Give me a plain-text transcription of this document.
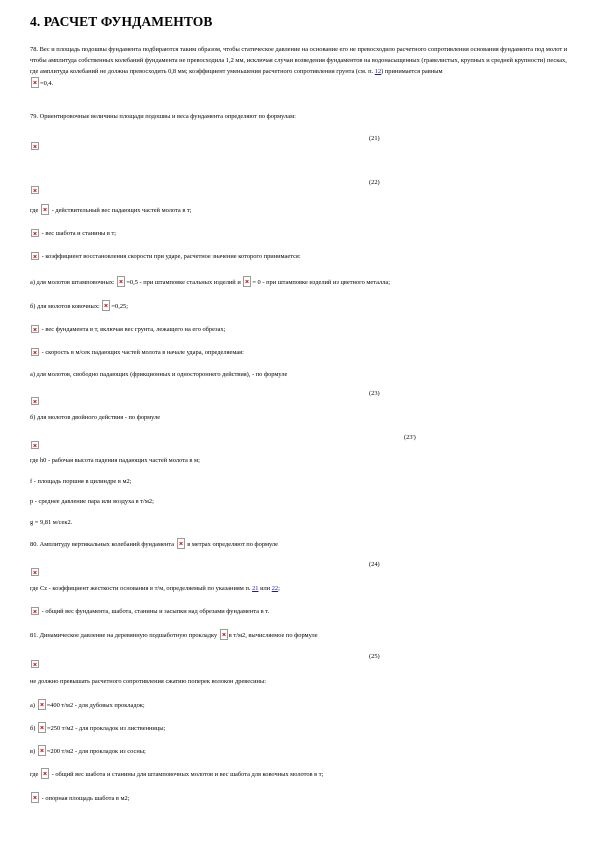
4. РАСЧЕТ ФУНДАМЕНТОВ

78. Вес и площадь подошвы фундамента подбираются таким образом, чтобы статическое давление на основание его не превосходило расчетного сопротивления основания фундамента под молот и чтобы амплитуда собственных колебаний фундамента не превосходила 1,2 мм, исключая случаи возведения фундаментов на водонасыщенных (гравелистых, крупных и средней крупности) песках, где амплитуда колебаний не должна превосходить 0,8 мм; коэффициент уменьшения расчетного сопротивления грунта (см. п. 12) принимается равным
=0,4.

79. Ориентировочные величины площади подошвы и веса фундамента определяют по формулам:

(21)
(22)

где - действительный вес падающих частей молота в т;

- вес шабота и станины в т;

- коэффициент восстановления скорости при ударе, расчетное значение которого принимается:

а) для молотов штамповочных: =0,5 - при штамповке стальных изделий и = 0 - при штамповке изделий из цветного металла;

б) для молотов ковочных: =0,25;

- вес фундамента в т, включая вес грунта, лежащего на его обрезах;

- скорость в м/сек падающих частей молота в начале удара, определяемая:

а) для молотов, свободно падающих (фрикционных и одностороннего действия), - по формуле

(23)

б) для молотов двойного действия - по формуле

(23')

где h0 - рабочая высота падения падающих частей молота в м;

f - площадь поршня в цилиндре в м2;

p - среднее давление пара или воздуха в т/м2;

g = 9,81 м/сек2.

80. Амплитуду вертикальных колебаний фундамента в метрах определяют по формуле

(24)

где Cz - коэффициент жесткости основания в т/м, определяемый по указаниям п. 21 или 22;

- общий вес фундамента, шабота, станины и засыпки над обрезами фундамента в т.

81. Динамическое давление на деревянную подшаботную прокладку в т/м2, вычисляемое по формуле

(25)

не должно превышать расчетного сопротивления сжатию поперек волокон древесины:

а) =400 т/м2 - для дубовых прокладок;

б) =250 т/м2 - для прокладок из лиственницы;

в) =200 т/м2 - для прокладок из сосны;

где - общий вес шабота и станины для штамповочных молотов и вес шабота для ковочных молотов в т;

- опорная площадь шабота в м2;
